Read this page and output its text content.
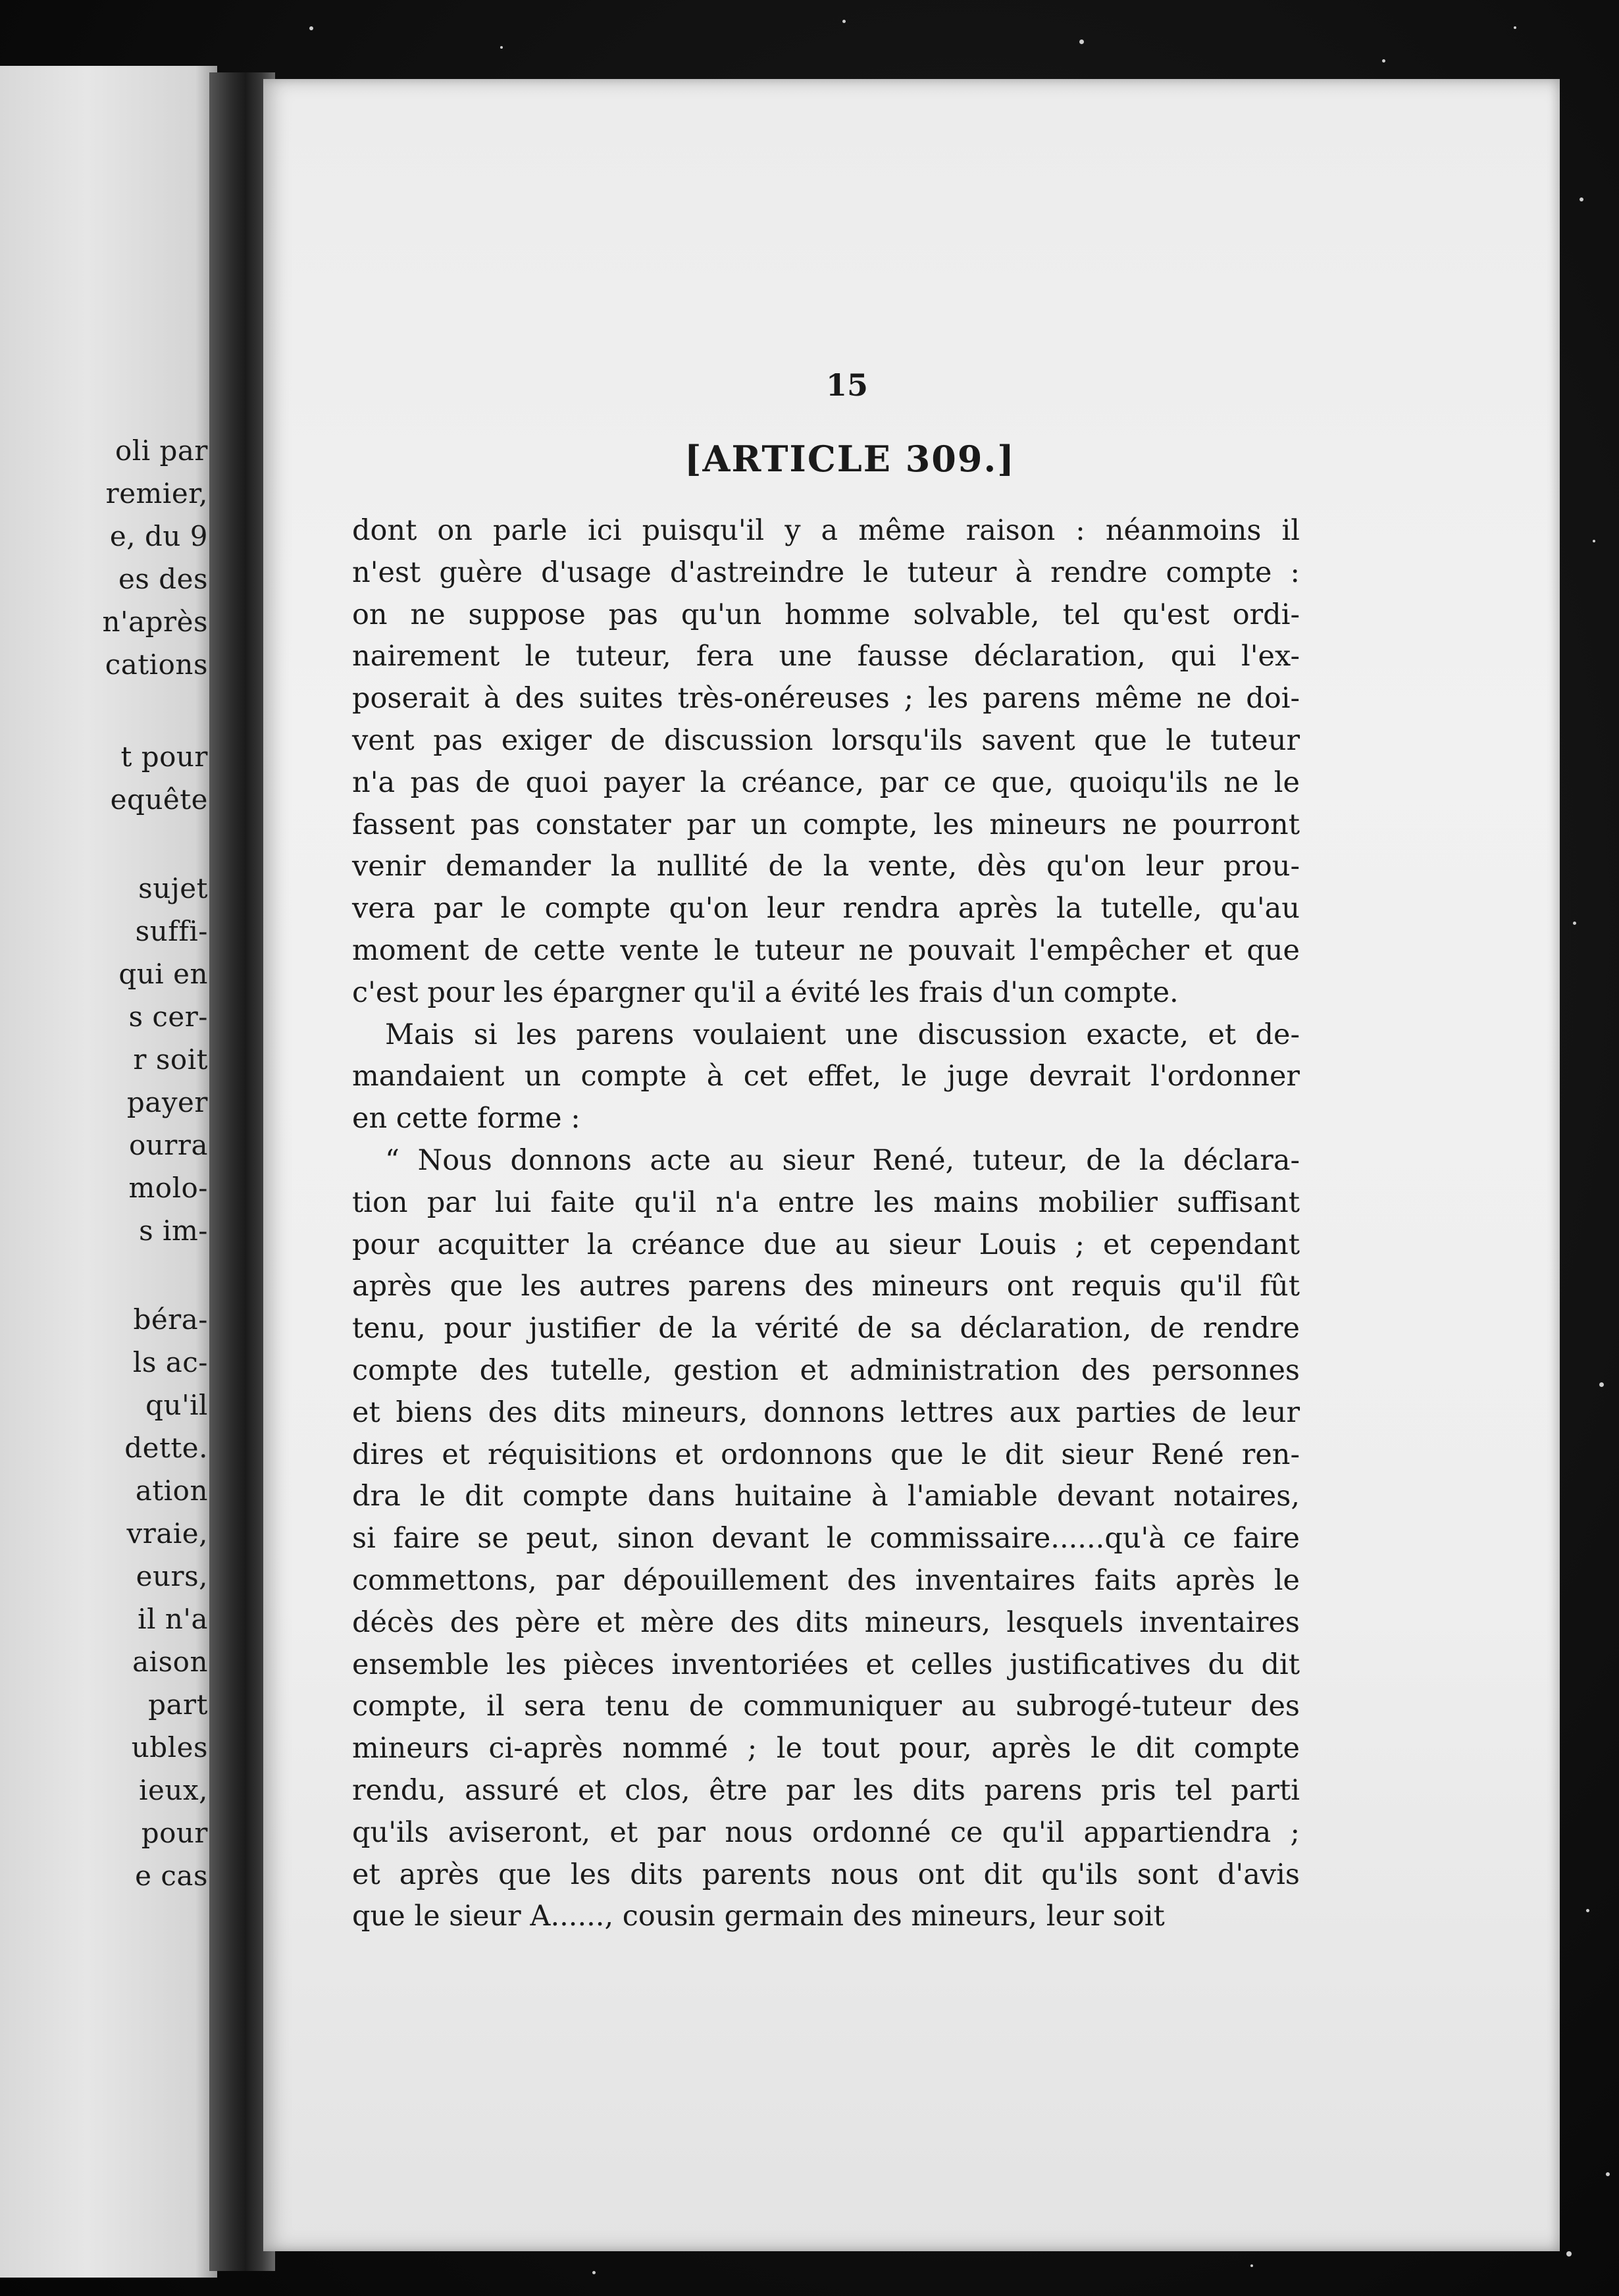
oli par
remier,
e, du 9
es des
n'après
cations
t pour
equête
sujet
suffi-
qui en
s cer-
r soit
payer
ourra
molo-
s im-
béra-
ls ac-
qu'il
dette.
ation
vraie,
eurs,
il n'a
aison
part
ubles
ieux,
pour
e cas
15
[ARTICLE 309.]
dont on parle ici puisqu'il y a même raison : néanmoins il
n'est guère d'usage d'astreindre le tuteur à rendre compte :
on ne suppose pas qu'un homme solvable, tel qu'est ordi-
nairement le tuteur, fera une fausse déclaration, qui l'ex-
poserait à des suites très-onéreuses ; les parens même ne doi-
vent pas exiger de discussion lorsqu'ils savent que le tuteur
n'a pas de quoi payer la créance, par ce que, quoiqu'ils ne le
fassent pas constater par un compte, les mineurs ne pourront
venir demander la nullité de la vente, dès qu'on leur prou-
vera par le compte qu'on leur rendra après la tutelle, qu'au
moment de cette vente le tuteur ne pouvait l'empêcher et que
c'est pour les épargner qu'il a évité les frais d'un compte.
Mais si les parens voulaient une discussion exacte, et de-
mandaient un compte à cet effet, le juge devrait l'ordonner
en cette forme :
“ Nous donnons acte au sieur René, tuteur, de la déclara-
tion par lui faite qu'il n'a entre les mains mobilier suffisant
pour acquitter la créance due au sieur Louis ; et cependant
après que les autres parens des mineurs ont requis qu'il fût
tenu, pour justifier de la vérité de sa déclaration, de rendre
compte des tutelle, gestion et administration des personnes
et biens des dits mineurs, donnons lettres aux parties de leur
dires et réquisitions et ordonnons que le dit sieur René ren-
dra le dit compte dans huitaine à l'amiable devant notaires,
si faire se peut, sinon devant le commissaire......qu'à ce faire
commettons, par dépouillement des inventaires faits après le
décès des père et mère des dits mineurs, lesquels inventaires
ensemble les pièces inventoriées et celles justificatives du dit
compte, il sera tenu de communiquer au subrogé-tuteur des
mineurs ci-après nommé ; le tout pour, après le dit compte
rendu, assuré et clos, être par les dits parens pris tel parti
qu'ils aviseront, et par nous ordonné ce qu'il appartiendra ;
et après que les dits parents nous ont dit qu'ils sont d'avis
que le sieur A......, cousin germain des mineurs, leur soit
